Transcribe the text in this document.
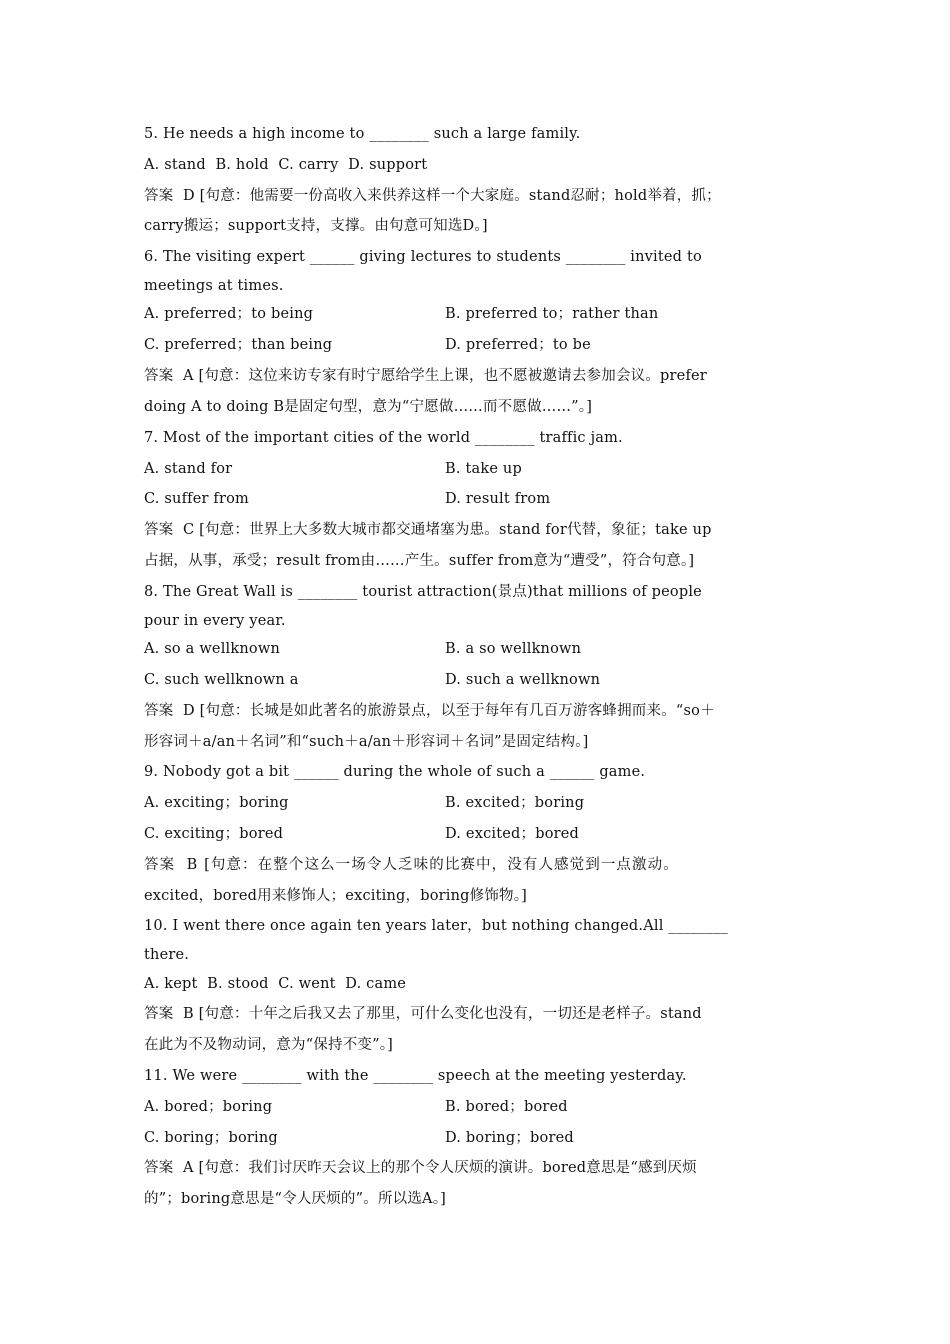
5. He needs a high income to ________ such a large family.
A. stand  B. hold  C. carry  D. support
答案  D [句意：他需要一份高收入来供养这样一个大家庭。stand忍耐；hold举着，抓；
carry搬运；support支持，支撑。由句意可知选D。]
6. The visiting expert ______ giving lectures to students ________ invited to
meetings at times.
A. preferred；to being	B. preferred to；rather than
C. preferred；than being	D. preferred；to be
答案  A [句意：这位来访专家有时宁愿给学生上课，也不愿被邀请去参加会议。prefer
doing A to doing B是固定句型，意为“宁愿做……而不愿做……”。]
7. Most of the important cities of the world ________ traffic jam.
A. stand for	B. take up
C. suffer from	D. result from
答案  C [句意：世界上大多数大城市都交通堵塞为患。stand for代替，象征；take up
占据，从事，承受；result from由……产生。suffer from意为“遭受”，符合句意。]
8. The Great Wall is ________ tourist attraction(景点)that millions of people
pour in every year.
A. so a wellknown	B. a so wellknown
C. such wellknown a	D. such a wellknown
答案  D [句意：长城是如此著名的旅游景点，以至于每年有几百万游客蜂拥而来。“so＋
形容词＋a/an＋名词”和“such＋a/an＋形容词＋名词”是固定结构。]
9. Nobody got a bit ______ during the whole of such a ______ game.
A. exciting；boring	B. excited；boring
C. exciting；bored	D. excited；bored
答案  B [句意：在整个这么一场令人乏味的比赛中，没有人感觉到一点激动。
excited，bored用来修饰人；exciting，boring修饰物。]
10. I went there once again ten years later，but nothing changed.All ________
there.
A. kept  B. stood  C. went  D. came
答案  B [句意：十年之后我又去了那里，可什么变化也没有，一切还是老样子。stand
在此为不及物动词，意为“保持不变”。]
11. We were ________ with the ________ speech at the meeting yesterday.
A. bored；boring	B. bored；bored
C. boring；boring	D. boring；bored
答案  A [句意：我们讨厌昨天会议上的那个令人厌烦的演讲。bored意思是“感到厌烦
的”；boring意思是“令人厌烦的”。所以选A。]
